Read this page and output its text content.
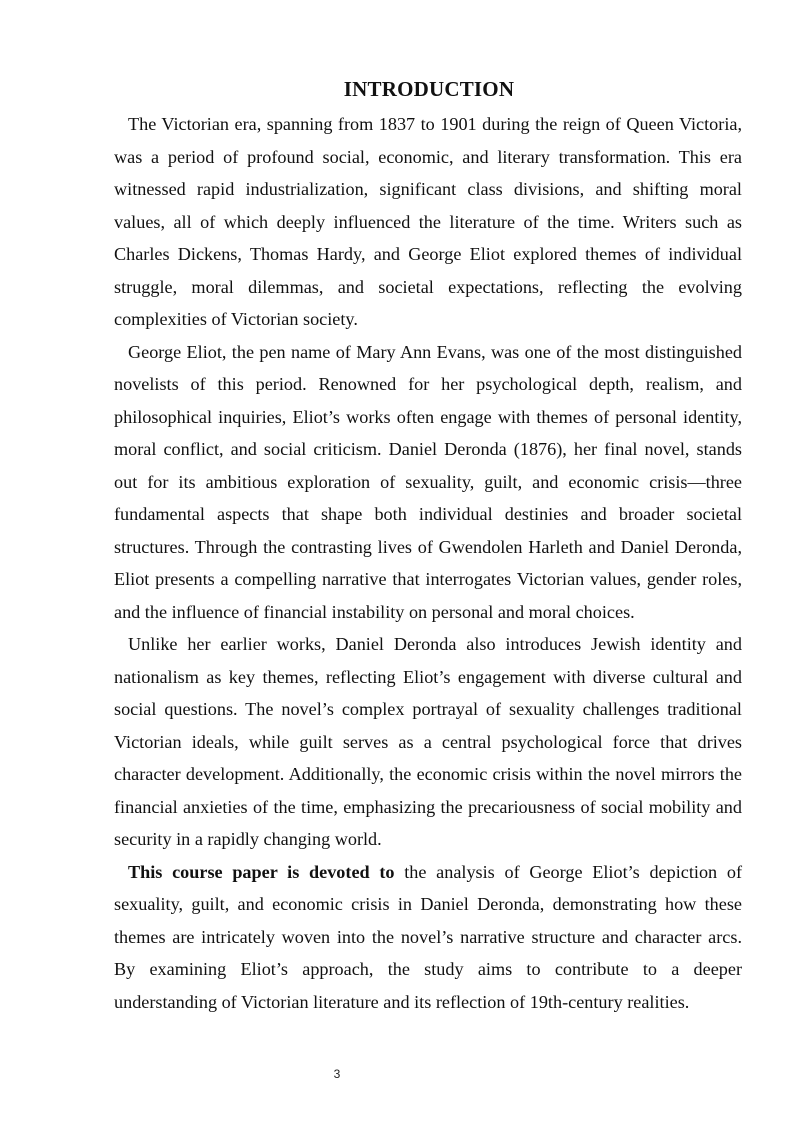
INTRODUCTION

The Victorian era, spanning from 1837 to 1901 during the reign of Queen Victoria, was a period of profound social, economic, and literary transformation. This era witnessed rapid industrialization, significant class divisions, and shifting moral values, all of which deeply influenced the literature of the time. Writers such as Charles Dickens, Thomas Hardy, and George Eliot explored themes of individual struggle, moral dilemmas, and societal expectations, reflecting the evolving complexities of Victorian society.

George Eliot, the pen name of Mary Ann Evans, was one of the most distinguished novelists of this period. Renowned for her psychological depth, realism, and philosophical inquiries, Eliot’s works often engage with themes of personal identity, moral conflict, and social criticism. Daniel Deronda (1876), her final novel, stands out for its ambitious exploration of sexuality, guilt, and economic crisis—three fundamental aspects that shape both individual destinies and broader societal structures. Through the contrasting lives of Gwendolen Harleth and Daniel Deronda, Eliot presents a compelling narrative that interrogates Victorian values, gender roles, and the influence of financial instability on personal and moral choices.

Unlike her earlier works, Daniel Deronda also introduces Jewish identity and nationalism as key themes, reflecting Eliot’s engagement with diverse cultural and social questions. The novel’s complex portrayal of sexuality challenges traditional Victorian ideals, while guilt serves as a central psychological force that drives character development. Additionally, the economic crisis within the novel mirrors the financial anxieties of the time, emphasizing the precariousness of social mobility and security in a rapidly changing world.

This course paper is devoted to the analysis of George Eliot’s depiction of sexuality, guilt, and economic crisis in Daniel Deronda, demonstrating how these themes are intricately woven into the novel’s narrative structure and character arcs. By examining Eliot’s approach, the study aims to contribute to a deeper understanding of Victorian literature and its reflection of 19th-century realities.

3
